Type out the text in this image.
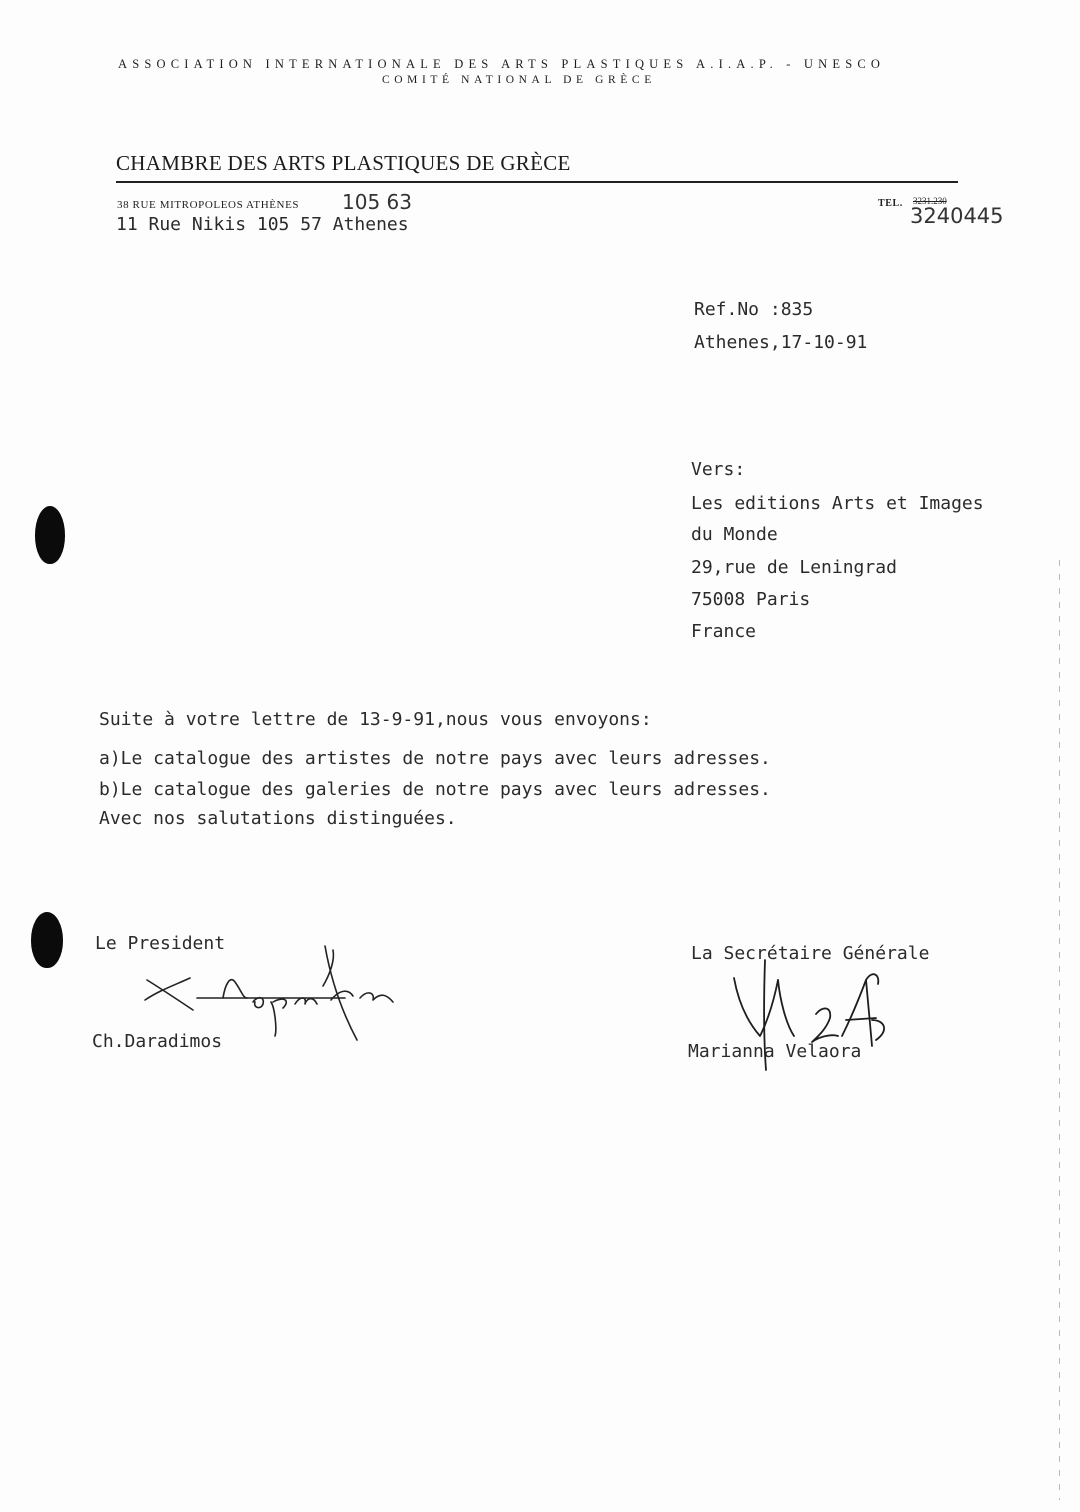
ASSOCIATION INTERNATIONALE DES ARTS PLASTIQUES A.I.A.P. - UNESCO
COMITÉ NATIONAL DE GRÈCE
CHAMBRE DES ARTS PLASTIQUES DE GRÈCE
38 RUE MITROPOLEOS ATHÈNES 105 63
11 Rue Nikis 105 57 Athenes
TEL. 3231.230
3240445
Ref.No :835
Athenes,17-10-91
Vers:
Les editions Arts et Images
du Monde
29,rue de Leningrad
75008 Paris
France
Suite à votre lettre de 13-9-91,nous vous envoyons:
a)Le catalogue des artistes de notre pays avec leurs adresses.
b)Le catalogue des galeries de notre pays avec leurs adresses.
Avec nos salutations distinguées.
Le President
Ch.Daradimos
La Secrétaire Générale
Marianna Velaora
